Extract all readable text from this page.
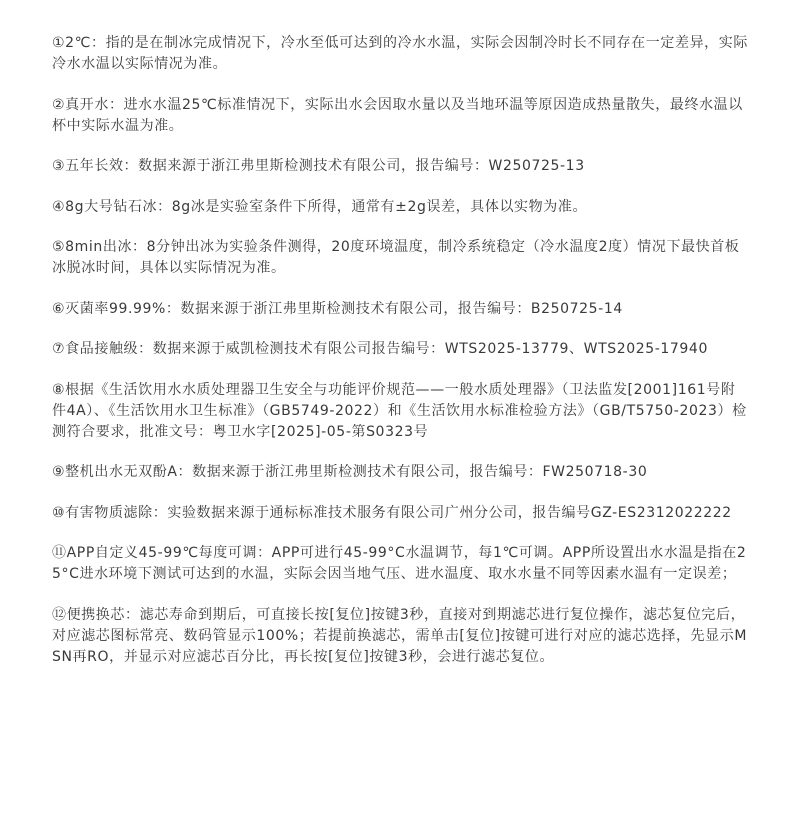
①2℃：指的是在制冰完成情况下，冷水至低可达到的冷水水温，实际会因制冷时长不同存在一定差异，实际冷水水温以实际情况为准。

②真开水：进水水温25℃标准情况下，实际出水会因取水量以及当地环温等原因造成热量散失，最终水温以杯中实际水温为准。

③五年长效：数据来源于浙江弗里斯检测技术有限公司，报告编号：W250725-13

④8g大号钻石冰：8g冰是实验室条件下所得，通常有±2g误差，具体以实物为准。

⑤8min出冰：8分钟出冰为实验条件测得，20度环境温度，制冷系统稳定（冷水温度2度）情况下最快首板冰脱冰时间，具体以实际情况为准。

⑥灭菌率99.99%：数据来源于浙江弗里斯检测技术有限公司，报告编号：B250725-14

⑦食品接触级：数据来源于威凯检测技术有限公司报告编号：WTS2025-13779、WTS2025-17940

⑧根据《生活饮用水水质处理器卫生安全与功能评价规范——一般水质处理器》（卫法监发[2001]161号附件4A）、《生活饮用水卫生标准》（GB5749-2022）和《生活饮用水标准检验方法》（GB/T5750-2023）检测符合要求，批准文号：粤卫水字[2025]-05-第S0323号

⑨整机出水无双酚A：数据来源于浙江弗里斯检测技术有限公司，报告编号：FW250718-30

⑩有害物质滤除：实验数据来源于通标标准技术服务有限公司广州分公司，报告编号GZ-ES2312022222

⑪APP自定义45-99℃每度可调：APP可进行45-99°C水温调节，每1℃可调。APP所设置出水水温是指在25°C进水环境下测试可达到的水温，实际会因当地气压、进水温度、取水水量不同等因素水温有一定误差；

⑫便携换芯：滤芯寿命到期后，可直接长按[复位]按键3秒，直接对到期滤芯进行复位操作，滤芯复位完后，对应滤芯图标常亮、数码管显示100%；若提前换滤芯，需单击[复位]按键可进行对应的滤芯选择，先显示MSN再RO，并显示对应滤芯百分比，再长按[复位]按键3秒，会进行滤芯复位。
